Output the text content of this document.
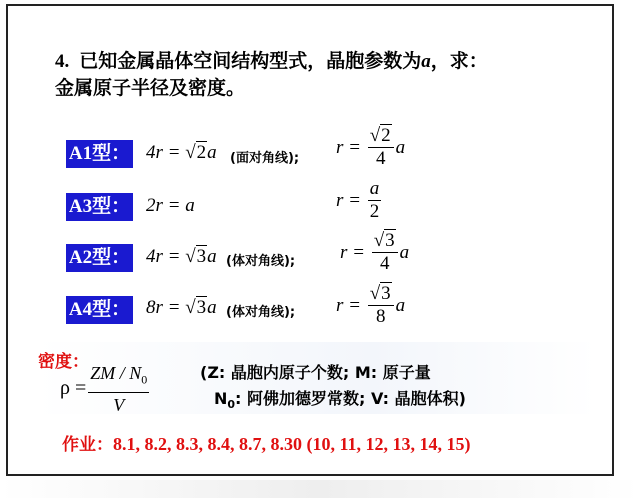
4. 已知金属晶体空间结构型式，晶胞参数为a，求：
金属原子半径及密度。
A1型： 4r = √2a (面对角线);
$r = \frac{√2}{4}$ a
A3型： 2r = a	$r = \frac{a}{2}$
A2型： 4r = √3a (体对角线); $r = \frac{√3}{4}$ a
A4型： 8r = √3a (体对角线); $r = \frac{√3}{8}$ a
密度：
$\rho = \frac{ZM / N_0}{V}$	(Z: 晶胞内原子个数; M: 原子量
$N_0$: 阿佛加德罗常数; V: 晶胞体积)
作业：8.1, 8.2, 8.3, 8.4, 8.7, 8.30 (10, 11, 12, 13, 14, 15)
